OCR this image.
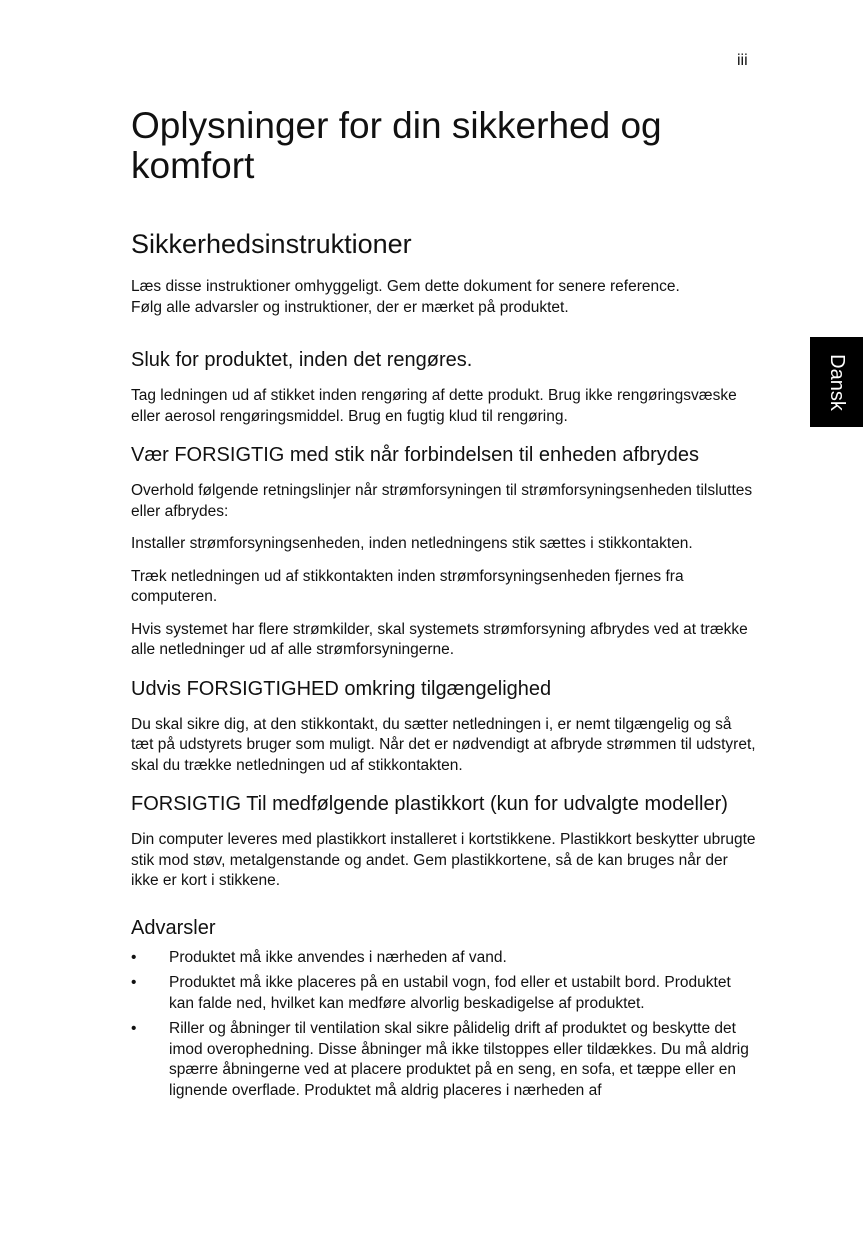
iii
Dansk
Oplysninger for din sikkerhed og komfort
Sikkerhedsinstruktioner

Læs disse instruktioner omhyggeligt. Gem dette dokument for senere reference.

Følg alle advarsler og instruktioner, der er mærket på produktet.

Sluk for produktet, inden det rengøres.

Tag ledningen ud af stikket inden rengøring af dette produkt. Brug ikke rengøringsvæske eller aerosol rengøringsmiddel. Brug en fugtig klud til rengøring.

Vær FORSIGTIG med stik når forbindelsen til enheden afbrydes

Overhold følgende retningslinjer når strømforsyningen til strømforsyningsenheden tilsluttes eller afbrydes:

Installer strømforsyningsenheden, inden netledningens stik sættes i stikkontakten.

Træk netledningen ud af stikkontakten inden strømforsyningsenheden fjernes fra computeren.

Hvis systemet har flere strømkilder, skal systemets strømforsyning afbrydes ved at trække alle netledninger ud af alle strømforsyningerne.

Udvis FORSIGTIGHED omkring tilgængelighed

Du skal sikre dig, at den stikkontakt, du sætter netledningen i, er nemt tilgængelig og så tæt på udstyrets bruger som muligt. Når det er nødvendigt at afbryde strømmen til udstyret, skal du trække netledningen ud af stikkontakten.

FORSIGTIG Til medfølgende plastikkort (kun for udvalgte modeller)

Din computer leveres med plastikkort installeret i kortstikkene. Plastikkort beskytter ubrugte stik mod støv, metalgenstande og andet. Gem plastikkortene, så de kan bruges når der ikke er kort i stikkene.

Advarsler
• Produktet må ikke anvendes i nærheden af vand.
• Produktet må ikke placeres på en ustabil vogn, fod eller et ustabilt bord. Produktet kan falde ned, hvilket kan medføre alvorlig beskadigelse af produktet.
• Riller og åbninger til ventilation skal sikre pålidelig drift af produktet og beskytte det imod overophedning. Disse åbninger må ikke tilstoppes eller tildækkes. Du må aldrig spærre åbningerne ved at placere produktet på en seng, en sofa, et tæppe eller en lignende overflade. Produktet må aldrig placeres i nærheden af
